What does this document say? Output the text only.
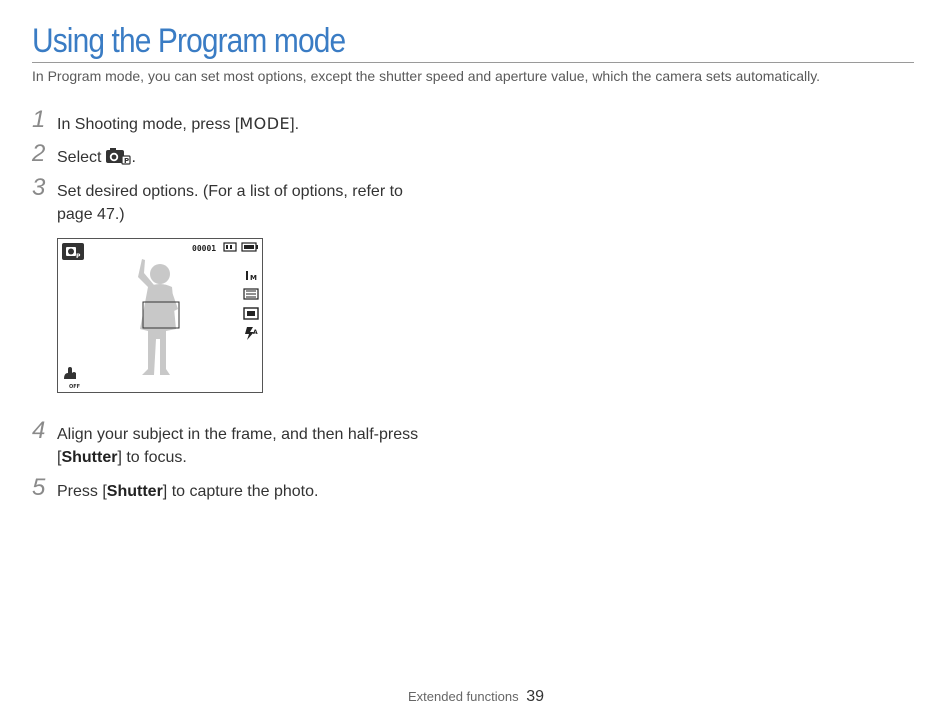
Using the Program mode
In Program mode, you can set most options, except the shutter speed and aperture value, which the camera sets automatically.
1 In Shooting mode, press [MODE].
2 Select	P .
3 Set desired options. (For a list of options, refer to
page 47.)
P
00001
M
A
OFF
4 Align your subject in the frame, and then half-press
[Shutter] to focus.
5 Press [Shutter] to capture the photo.
Extended functions 39
